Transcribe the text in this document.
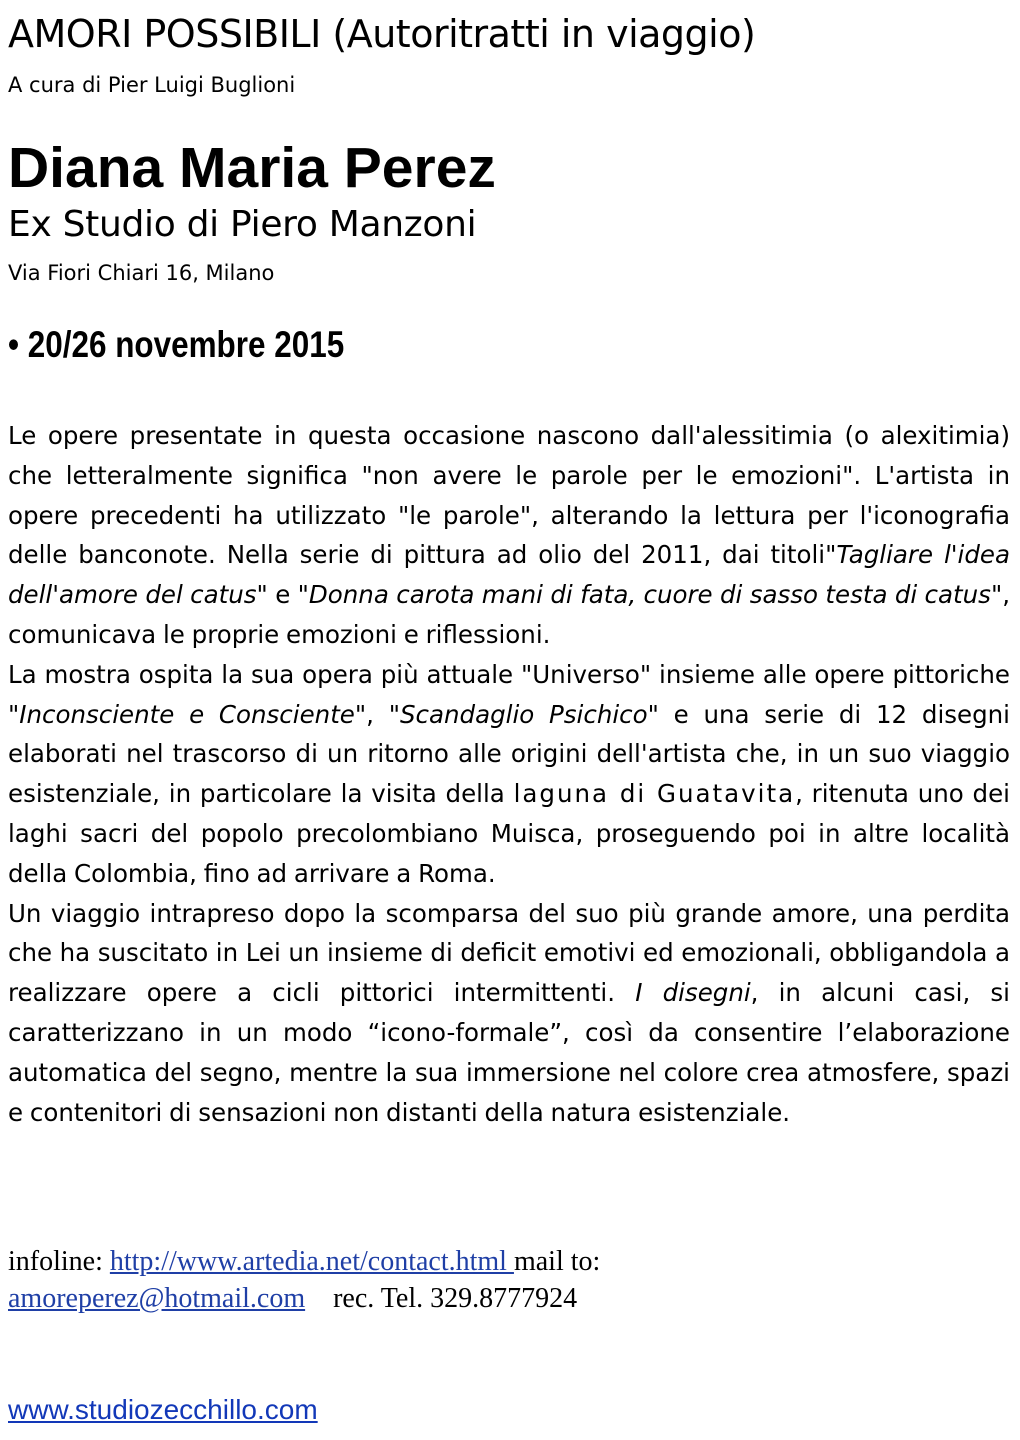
AMORI POSSIBILI (Autoritratti in viaggio)
A cura di Pier Luigi Buglioni
Diana Maria Perez
Ex Studio di Piero Manzoni
Via Fiori Chiari 16, Milano
• 20/26 novembre 2015

Le opere presentate in questa occasione nascono dall'alessitimia (o alexitimia) che letteralmente significa "non avere le parole per le emozioni". L'artista in opere precedenti ha utilizzato "le parole", alterando la lettura per l'iconografia delle banconote. Nella serie di pittura ad olio del 2011, dai titoli"Tagliare l'idea dell'amore del catus" e "Donna carota mani di fata, cuore di sasso testa di catus", comunicava le proprie emozioni e riflessioni.

La mostra ospita la sua opera più attuale "Universo" insieme alle opere pittoriche "Inconsciente e Consciente", "Scandaglio Psichico" e una serie di 12 disegni elaborati nel trascorso di un ritorno alle origini dell'artista che, in un suo viaggio esistenziale, in particolare la visita della laguna di Guatavita, ritenuta uno dei laghi sacri del popolo precolombiano Muisca, proseguendo poi in altre località della Colombia, fino ad arrivare a Roma.

Un viaggio intrapreso dopo la scomparsa del suo più grande amore, una perdita che ha suscitato in Lei un insieme di deficit emotivi ed emozionali, obbligandola a realizzare opere a cicli pittorici intermittenti. I disegni, in alcuni casi, si caratterizzano in un modo “icono-formale”, così da consentire l’elaborazione automatica del segno, mentre la sua immersione nel colore crea atmosfere, spazi e contenitori di sensazioni non distanti della natura esistenziale.

infoline: http://www.artedia.net/contact.html mail to: amoreperez@hotmail.com rec. Tel. 329.8777924
www.studiozecchillo.com
